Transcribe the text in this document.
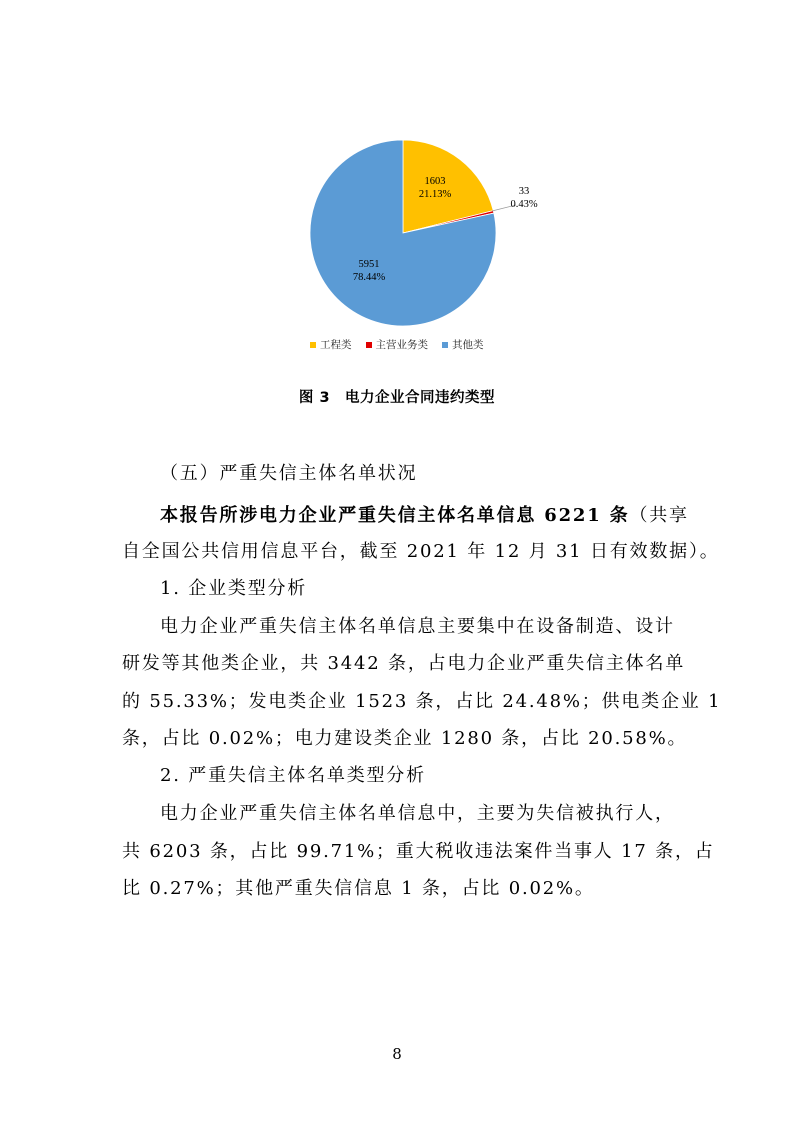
1603
21.13%	33
0.43%
5951
78.44%
工程类 主营业务类 其他类
图 3　电力企业合同违约类型
（五）严重失信主体名单状况
本报告所涉电力企业严重失信主体名单信息 6221 条（共享
自全国公共信用信息平台，截至 2021 年 12 月 31 日有效数据）。
1. 企业类型分析
电力企业严重失信主体名单信息主要集中在设备制造、设计
研发等其他类企业，共 3442 条，占电力企业严重失信主体名单
的 55.33%；发电类企业 1523 条，占比 24.48%；供电类企业 1
条，占比 0.02%；电力建设类企业 1280 条，占比 20.58%。
2. 严重失信主体名单类型分析
电力企业严重失信主体名单信息中，主要为失信被执行人，
共 6203 条，占比 99.71%；重大税收违法案件当事人 17 条，占
比 0.27%；其他严重失信信息 1 条，占比 0.02%。
8
